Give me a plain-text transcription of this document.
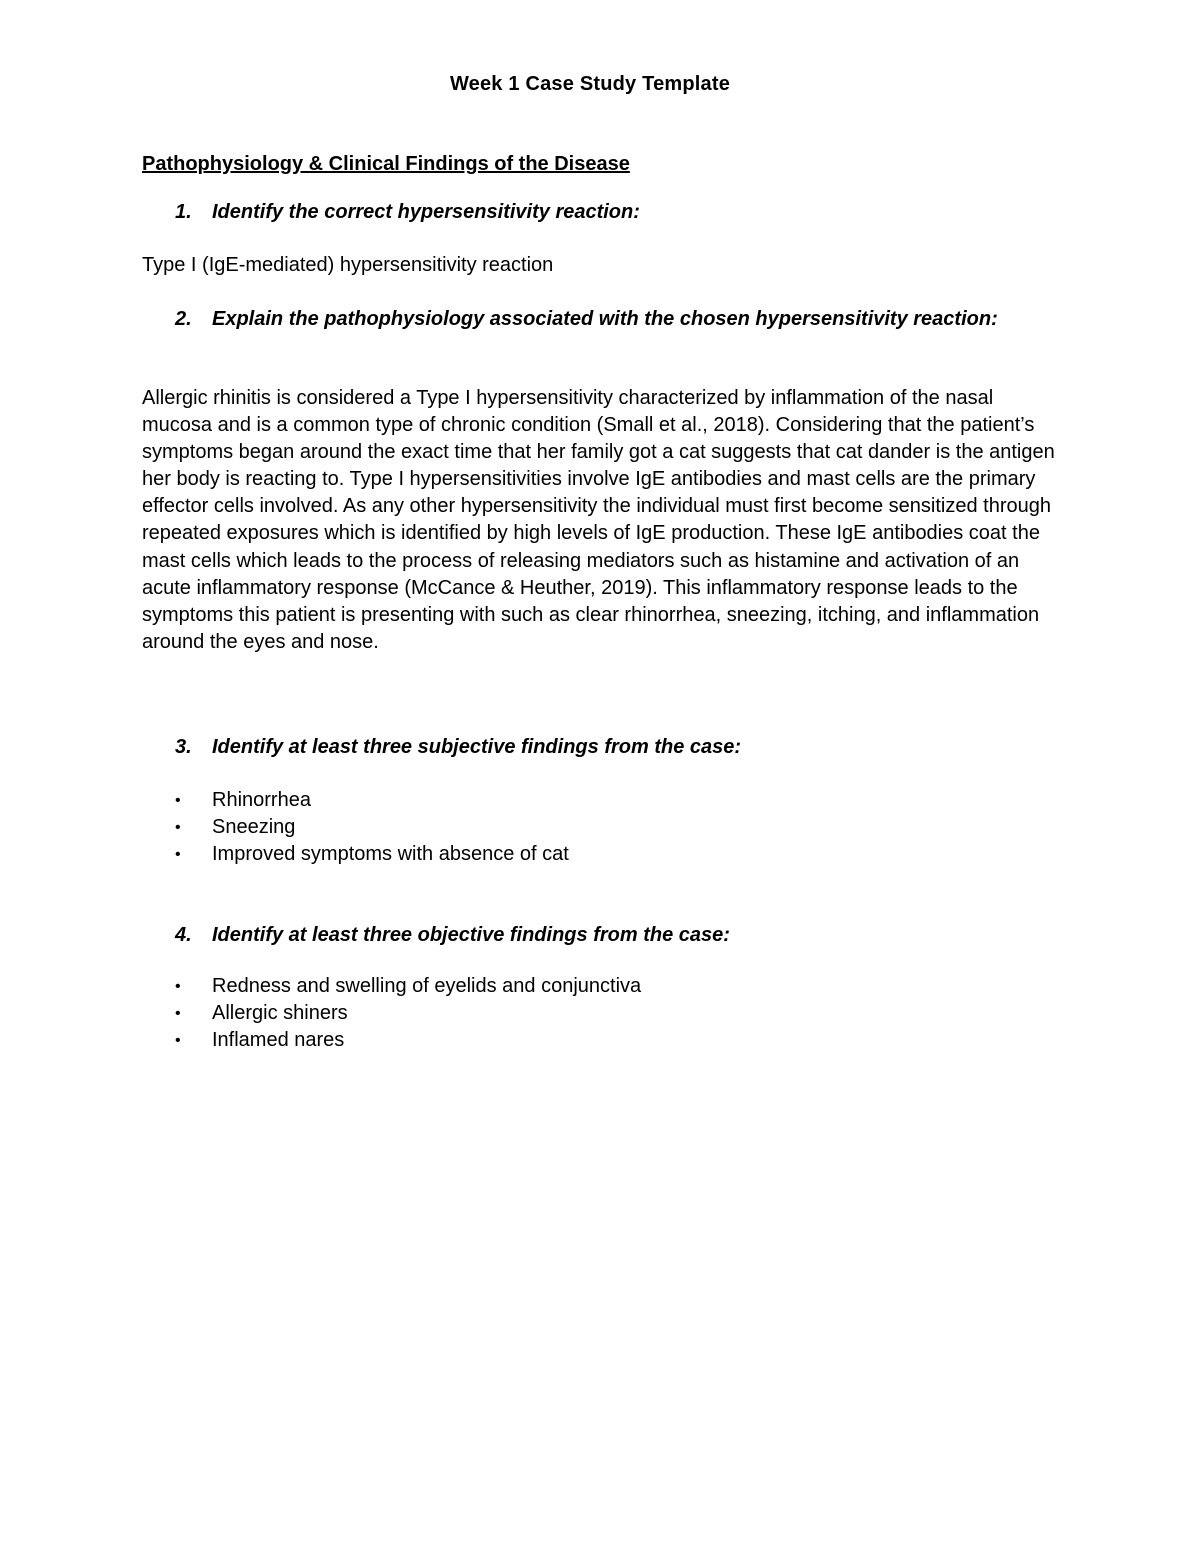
Week 1 Case Study Template
Pathophysiology & Clinical Findings of the Disease
1.	Identify the correct hypersensitivity reaction:
Type I (IgE-mediated) hypersensitivity reaction
2.	Explain the pathophysiology associated with the chosen hypersensitivity reaction:

Allergic rhinitis is considered a Type I hypersensitivity characterized by inflammation of the nasal mucosa and is a common type of chronic condition (Small et al., 2018). Considering that the patient’s symptoms began around the exact time that her family got a cat suggests that cat dander is the antigen her body is reacting to. Type I hypersensitivities involve IgE antibodies and mast cells are the primary effector cells involved. As any other hypersensitivity the individual must first become sensitized through repeated exposures which is identified by high levels of IgE production. These IgE antibodies coat the mast cells which leads to the process of releasing mediators such as histamine and activation of an acute inflammatory response (McCance & Heuther, 2019). This inflammatory response leads to the symptoms this patient is presenting with such as clear rhinorrhea, sneezing, itching, and inflammation around the eyes and nose.

3.	Identify at least three subjective findings from the case:
•	Rhinorrhea
•	Sneezing
•	Improved symptoms with absence of cat
4.	Identify at least three objective findings from the case:
•	Redness and swelling of eyelids and conjunctiva
•	Allergic shiners
•	Inflamed nares
